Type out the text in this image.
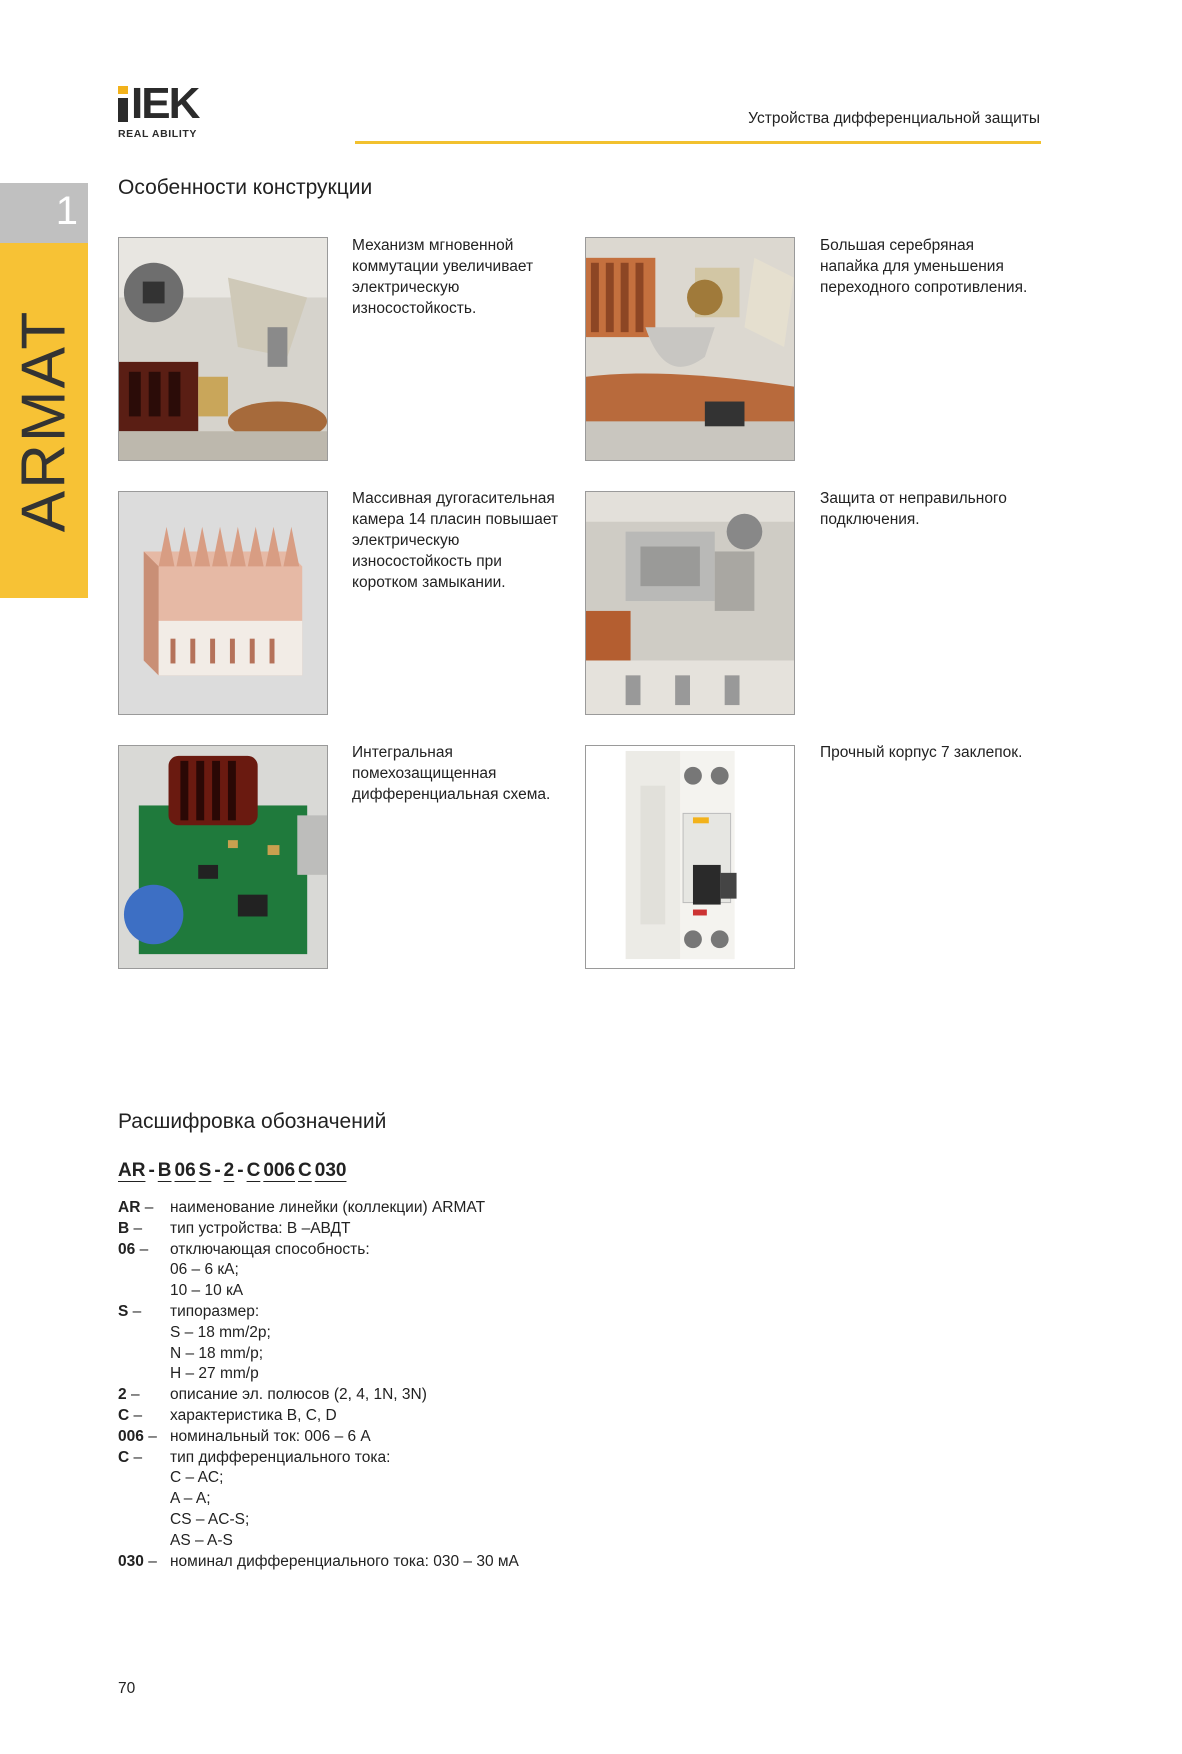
IEK
REAL ABILITY
Устройства дифференциальной защиты
1
ARMAT
Особенности конструкции
Механизм мгновенной коммутации увеличивает электрическую износостойкость.
Большая серебряная напайка для уменьшения переходного сопротивления.
Массивная дугогасительная камера 14 пласин повышает электрическую износостойкость при коротком замыкании.
Защита от неправильного подключения.
Интегральная помехозащищенная дифференциальная схема.
Прочный корпус 7 заклепок.
Расшифровка обозначений
AR - B 06 S - 2 - C 006 C 030
AR –	наименование линейки (коллекции) ARMAT
B –	тип устройства: В –АВДТ
06 –	отключающая способность:
06 – 6 кА;
10 – 10 кА
S –	типоразмер:
S – 18 mm/2p;
N – 18 mm/p;
H – 27 mm/p
2 –	описание эл. полюсов (2, 4, 1N, 3N)
C –	характеристика B, C, D
006 – номинальный ток: 006 – 6 А
C –	тип дифференциального тока:
C – AC;
A – A;
CS – AC-S;
AS – A-S
030 – номинал дифференциального тока: 030 – 30 мА
70
